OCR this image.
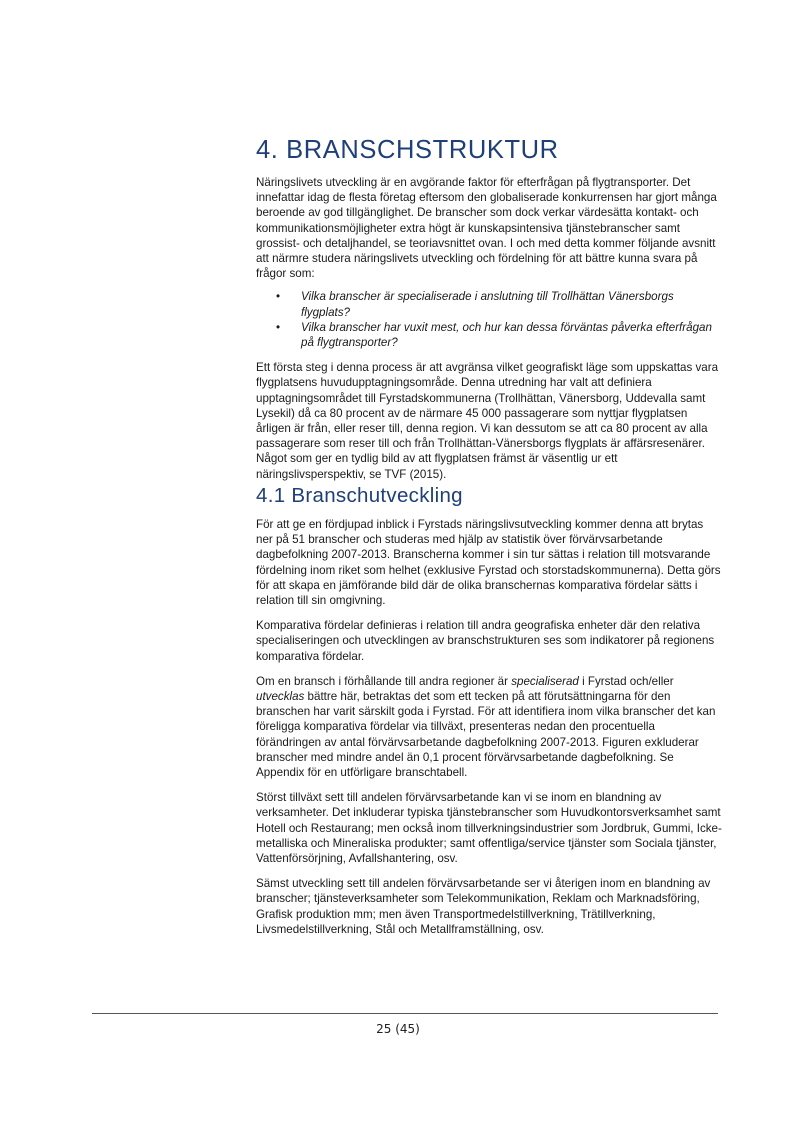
4. BRANSCHSTRUKTUR

Näringslivets utveckling är en avgörande faktor för efterfrågan på flygtransporter. Det innefattar idag de flesta företag eftersom den globaliserade konkurrensen har gjort många beroende av god tillgänglighet. De branscher som dock verkar värdesätta kontakt- och kommunikationsmöjligheter extra högt är kunskapsintensiva tjänstebranscher samt grossist- och detaljhandel, se teoriavsnittet ovan. I och med detta kommer följande avsnitt att närmre studera näringslivets utveckling och fördelning för att bättre kunna svara på frågor som:

• Vilka branscher är specialiserade i anslutning till Trollhättan Vänersborgs flygplats?
• Vilka branscher har vuxit mest, och hur kan dessa förväntas påverka efterfrågan på flygtransporter?

Ett första steg i denna process är att avgränsa vilket geografiskt läge som uppskattas vara flygplatsens huvudupptagningsområde. Denna utredning har valt att definiera upptagningsområdet till Fyrstadskommunerna (Trollhättan, Vänersborg, Uddevalla samt Lysekil) då ca 80 procent av de närmare 45 000 passagerare som nyttjar flygplatsen årligen är från, eller reser till, denna region. Vi kan dessutom se att ca 80 procent av alla passagerare som reser till och från Trollhättan-Vänersborgs flygplats är affärsresenärer. Något som ger en tydlig bild av att flygplatsen främst är väsentlig ur ett näringslivsperspektiv, se TVF (2015).

4.1 Branschutveckling

För att ge en fördjupad inblick i Fyrstads näringslivsutveckling kommer denna att brytas ner på 51 branscher och studeras med hjälp av statistik över förvärvsarbetande dagbefolkning 2007-2013. Branscherna kommer i sin tur sättas i relation till motsvarande fördelning inom riket som helhet (exklusive Fyrstad och storstadskommunerna). Detta görs för att skapa en jämförande bild där de olika branschernas komparativa fördelar sätts i relation till sin omgivning.

Komparativa fördelar definieras i relation till andra geografiska enheter där den relativa specialiseringen och utvecklingen av branschstrukturen ses som indikatorer på regionens komparativa fördelar.

Om en bransch i förhållande till andra regioner är specialiserad i Fyrstad och/eller utvecklas bättre här, betraktas det som ett tecken på att förutsättningarna för den branschen har varit särskilt goda i Fyrstad. För att identifiera inom vilka branscher det kan föreligga komparativa fördelar via tillväxt, presenteras nedan den procentuella förändringen av antal förvärvsarbetande dagbefolkning 2007-2013. Figuren exkluderar branscher med mindre andel än 0,1 procent förvärvsarbetande dagbefolkning. Se Appendix för en utförligare branschtabell.

Störst tillväxt sett till andelen förvärvsarbetande kan vi se inom en blandning av verksamheter. Det inkluderar typiska tjänstebranscher som Huvudkontorsverksamhet samt Hotell och Restaurang; men också inom tillverkningsindustrier som Jordbruk, Gummi, Icke-metalliska och Mineraliska produkter; samt offentliga/service tjänster som Sociala tjänster, Vattenförsörjning, Avfallshantering, osv.

Sämst utveckling sett till andelen förvärvsarbetande ser vi återigen inom en blandning av branscher; tjänsteverksamheter som Telekommunikation, Reklam och Marknadsföring, Grafisk produktion mm; men även Transportmedelstillverkning, Trätillverkning, Livsmedelstillverkning, Stål och Metallframställning, osv.

25 (45)
